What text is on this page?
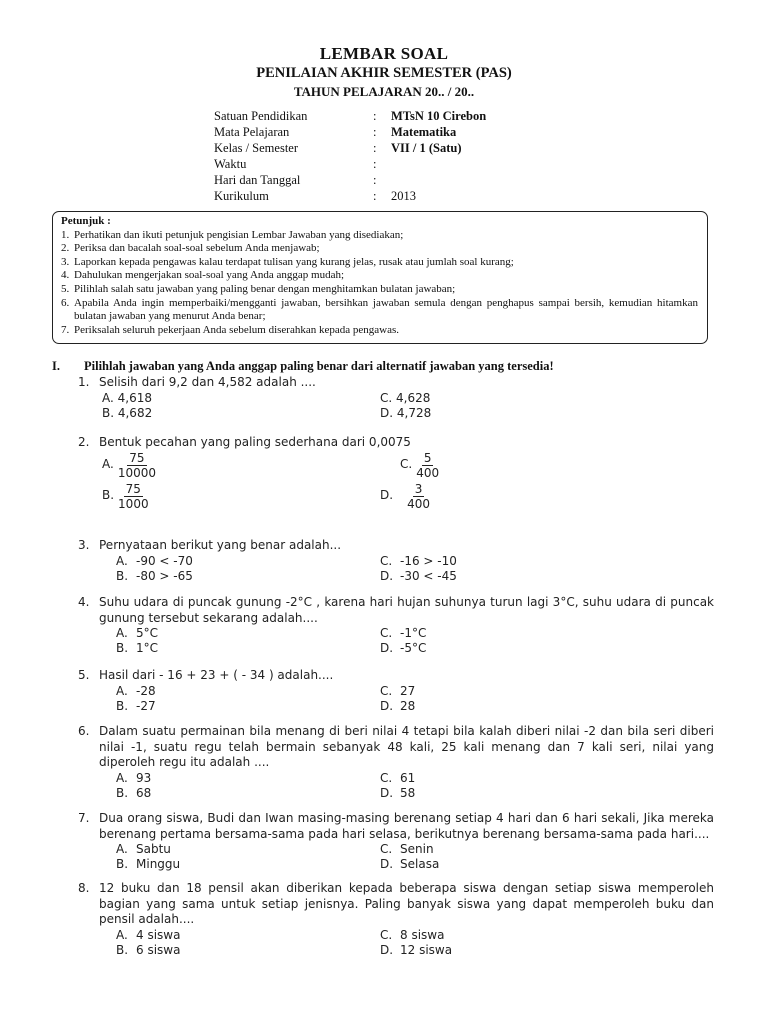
LEMBAR SOAL
PENILAIAN AKHIR SEMESTER (PAS)
TAHUN PELAJARAN 20.. / 20..
Satuan Pendidikan	:	MTsN 10 Cirebon
Mata Pelajaran	:	Matematika
Kelas / Semester	:	VII / 1 (Satu)
Waktu	:
Hari dan Tanggal	:
Kurikulum	:	2013
Petunjuk :
1. Perhatikan dan ikuti petunjuk pengisian Lembar Jawaban yang disediakan;
2. Periksa dan bacalah soal-soal sebelum Anda menjawab;
3. Laporkan kepada pengawas kalau terdapat tulisan yang kurang jelas, rusak atau jumlah soal kurang;
4. Dahulukan mengerjakan soal-soal yang Anda anggap mudah;
5. Pilihlah salah satu jawaban yang paling benar dengan menghitamkan bulatan jawaban;
6. Apabila Anda ingin memperbaiki/mengganti jawaban, bersihkan jawaban semula dengan penghapus sampai bersih, kemudian hitamkan bulatan jawaban yang menurut Anda benar;
7. Periksalah seluruh pekerjaan Anda sebelum diserahkan kepada pengawas.
I.	Pilihlah jawaban yang Anda anggap paling benar dari alternatif jawaban yang tersedia!
1. Selisih dari 9,2 dan 4,582 adalah ....
A. 4,618
B. 4,682
C. 4,628
D. 4,728
2. Bentuk pecahan yang paling sederhana dari 0,0075
A. $\frac{75}{10000}$
B. $\frac{75}{1000}$
C. $\frac{5}{400}$
D. $\frac{3}{400}$
3. Pernyataan berikut yang benar adalah...
A. -90 < -70
B. -80 > -65
C. -16 > -10
D. -30 < -45
4. Suhu udara di puncak gunung -2°C , karena hari hujan suhunya turun lagi 3°C, suhu udara di puncak gunung tersebut sekarang adalah....
A. 5°C
B. 1°C
C. -1°C
D. -5°C
5. Hasil dari - 16 + 23 + ( - 34 ) adalah....
A. -28
B. -27
C. 27
D. 28
6. Dalam suatu permainan bila menang di beri nilai 4 tetapi bila kalah diberi nilai -2 dan bila seri diberi nilai -1, suatu regu telah bermain sebanyak 48 kali, 25 kali menang dan 7 kali seri, nilai yang diperoleh regu itu adalah ....
A. 93
B. 68
C. 61
D. 58
7. Dua orang siswa, Budi dan Iwan masing-masing berenang setiap 4 hari dan 6 hari sekali, Jika mereka berenang pertama bersama-sama pada hari selasa, berikutnya berenang bersama-sama pada hari....
A. Sabtu
B. Minggu
C. Senin
D. Selasa
8. 12 buku dan 18 pensil akan diberikan kepada beberapa siswa dengan setiap siswa memperoleh bagian yang sama untuk setiap jenisnya. Paling banyak siswa yang dapat memperoleh buku dan pensil adalah....
A. 4 siswa
B. 6 siswa
C. 8 siswa
D. 12 siswa
